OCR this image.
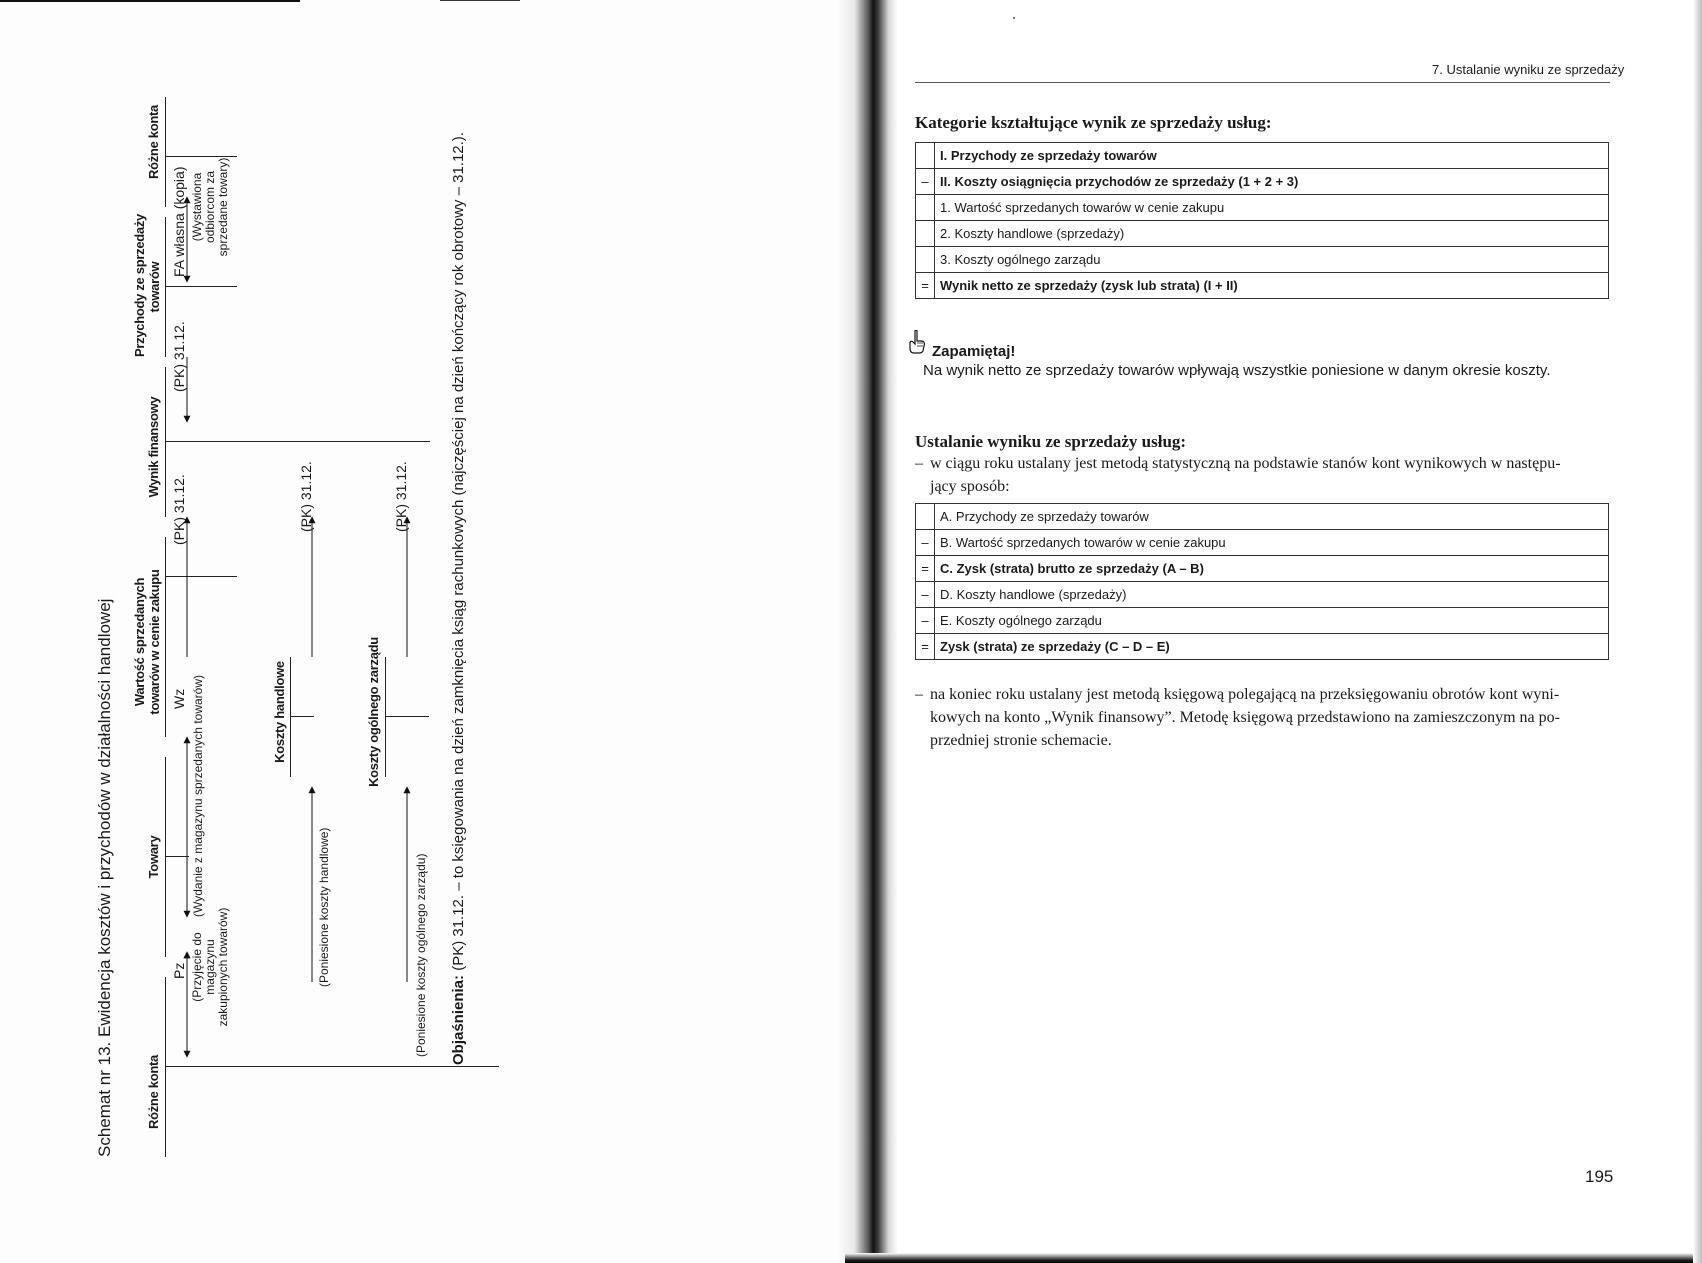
Schemat nr 13. Ewidencja kosztów i przychodów w działalności handlowej Różne konta
Towary
Wartość sprzedanych towarów w cenie zakupu
Wynik finansowy
Przychody ze sprzedaży towarów
Różne konta
Pz (Przyjęcie do magazynu zakupionych towarów)
Wz (Wydanie z magazynu sprzedanych towarów)
(PK) 31.12.
(PK) 31.12.
FA własna (kopia) (Wystawiona odbiorcom za sprzedane towary)
Koszty handlowe
(Poniesione koszty handlowe)
(PK) 31.12.
Koszty ogólnego zarządu
(Poniesione koszty ogólnego zarządu)
(PK) 31.12.
Objaśnienia: (PK) 31.12. – to księgowania na dzień zamknięcia ksiąg rachunkowych (najczęściej na dzień kończący rok obrotowy – 31.12.).
7. Ustalanie wyniku ze sprzedaży
Kategorie kształtujące wynik ze sprzedaży usług:
	I. Przychody ze sprzedaży towarów
–	II. Koszty osiągnięcia przychodów ze sprzedaży (1 + 2 + 3)
	1. Wartość sprzedanych towarów w cenie zakupu
	2. Koszty handlowe (sprzedaży)
	3. Koszty ogólnego zarządu
=	Wynik netto ze sprzedaży (zysk lub strata) (I + II)
Zapamiętaj!
Na wynik netto ze sprzedaży towarów wpływają wszystkie poniesione w danym okresie koszty.
Ustalanie wyniku ze sprzedaży usług:
– w ciągu roku ustalany jest metodą statystyczną na podstawie stanów kont wynikowych w następu-
jący sposób:
	A. Przychody ze sprzedaży towarów
–	B. Wartość sprzedanych towarów w cenie zakupu
=	C. Zysk (strata) brutto ze sprzedaży (A – B)
–	D. Koszty handlowe (sprzedaży)
–	E. Koszty ogólnego zarządu
=	Zysk (strata) ze sprzedaży (C – D – E)
– na koniec roku ustalany jest metodą księgową polegającą na przeksięgowaniu obrotów kont wyni-
kowych na konto „Wynik finansowy”. Metodę księgową przedstawiono na zamieszczonym na po-
przedniej stronie schemacie.
195
